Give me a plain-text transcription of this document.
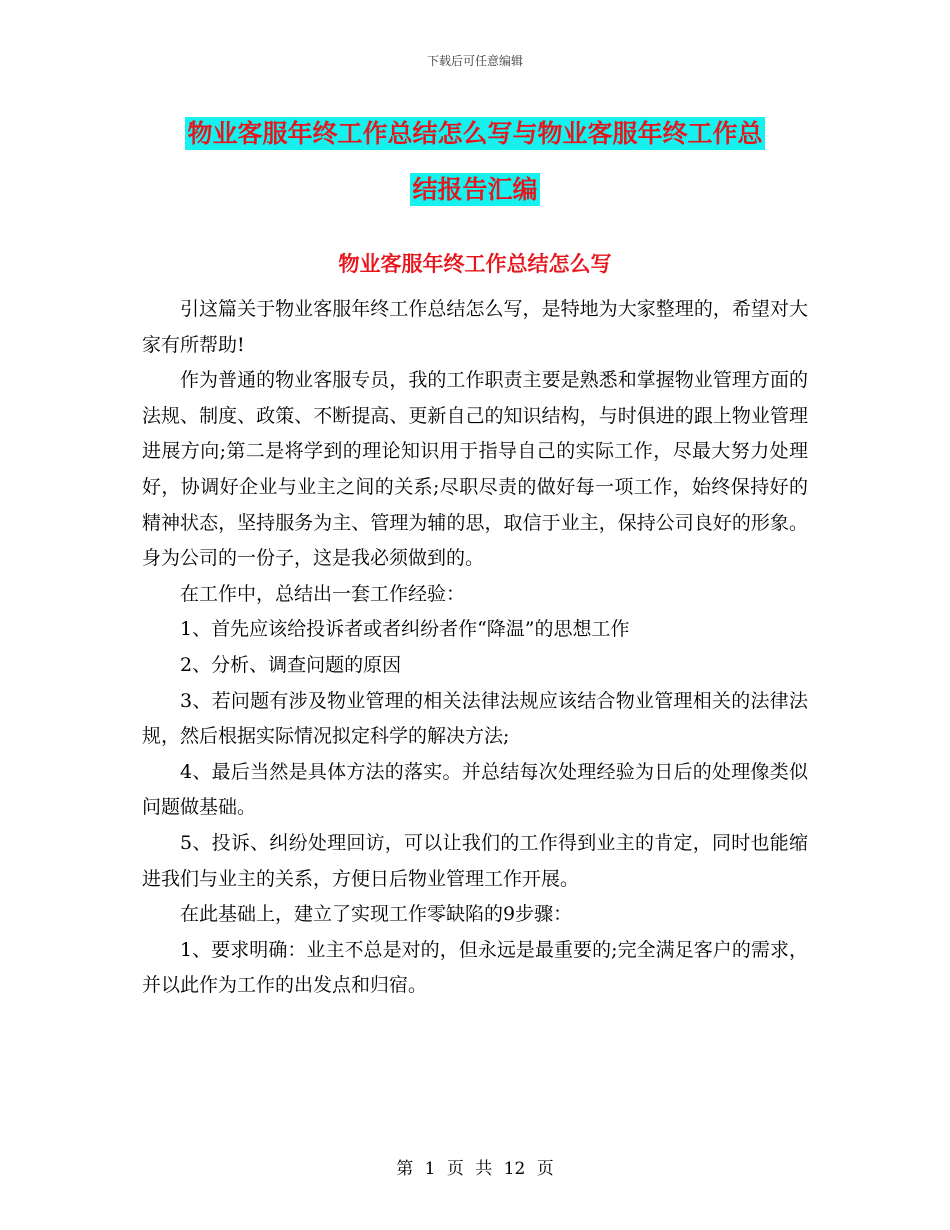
下载后可任意编辑
物业客服年终工作总结怎么写与物业客服年终工作总
结报告汇编
物业客服年终工作总结怎么写

引这篇关于物业客服年终工作总结怎么写，是特地为大家整理的，希望对大家有所帮助!

作为普通的物业客服专员，我的工作职责主要是熟悉和掌握物业管理方面的法规、制度、政策、不断提高、更新自己的知识结构，与时俱进的跟上物业管理进展方向;第二是将学到的理论知识用于指导自己的实际工作，尽最大努力处理好，协调好企业与业主之间的关系;尽职尽责的做好每一项工作，始终保持好的精神状态，坚持服务为主、管理为辅的思，取信于业主，保持公司良好的形象。身为公司的一份子，这是我必须做到的。

在工作中，总结出一套工作经验：

1、首先应该给投诉者或者纠纷者作“降温”的思想工作

2、分析、调查问题的原因

3、若问题有涉及物业管理的相关法律法规应该结合物业管理相关的法律法规，然后根据实际情况拟定科学的解决方法;

4、最后当然是具体方法的落实。并总结每次处理经验为日后的处理像类似问题做基础。

5、投诉、纠纷处理回访，可以让我们的工作得到业主的肯定，同时也能缩进我们与业主的关系，方便日后物业管理工作开展。

在此基础上，建立了实现工作零缺陷的9步骤：

1、要求明确：业主不总是对的，但永远是最重要的;完全满足客户的需求，并以此作为工作的出发点和归宿。

第 1 页 共 12 页
